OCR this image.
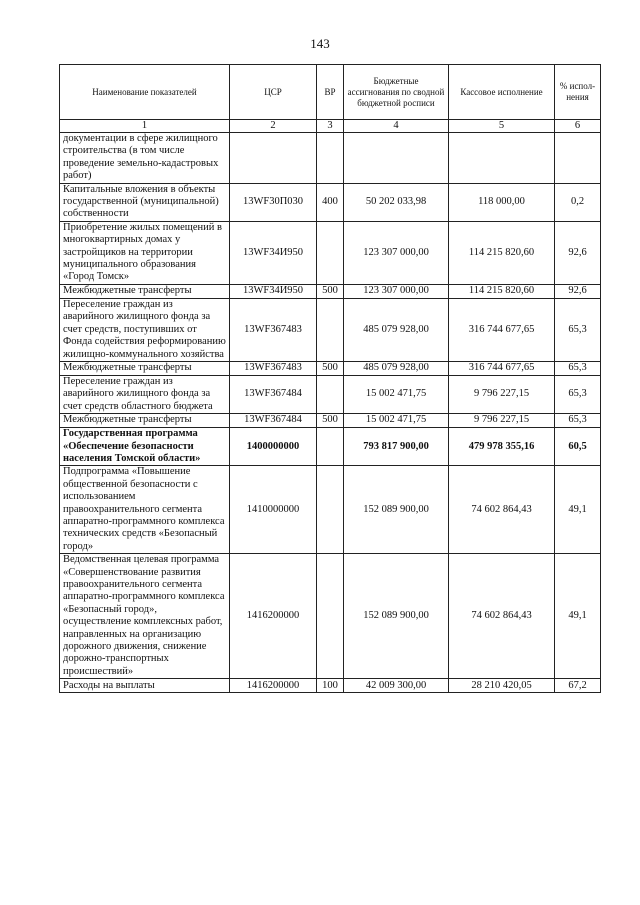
143
Наименование показателей	ЦСР	ВР	Бюджетные ассигнования по сводной бюджетной росписи	Кассовое исполнение	% испол-нения
1	2	3	4	5	6
документации в сфере жилищного строительства (в том числе проведение земельно-кадастровых работ)					
Капитальные вложения в объекты государственной (муниципальной) собственности	13WF30П030	400	50 202 033,98	118 000,00	0,2
Приобретение жилых помещений в многоквартирных домах у застройщиков на территории муниципального образования «Город Томск»	13WF34И950		123 307 000,00	114 215 820,60	92,6
Межбюджетные трансферты	13WF34И950	500	123 307 000,00	114 215 820,60	92,6
Переселение граждан из аварийного жилищного фонда за счет средств, поступивших от Фонда содействия реформированию жилищно-коммунального хозяйства	13WF367483		485 079 928,00	316 744 677,65	65,3
Межбюджетные трансферты	13WF367483	500	485 079 928,00	316 744 677,65	65,3
Переселение граждан из аварийного жилищного фонда за счет средств областного бюджета	13WF367484		15 002 471,75	9 796 227,15	65,3
Межбюджетные трансферты	13WF367484	500	15 002 471,75	9 796 227,15	65,3
Государственная программа «Обеспечение безопасности населения Томской области»	1400000000		793 817 900,00	479 978 355,16	60,5
Подпрограмма «Повышение общественной безопасности с использованием правоохранительного сегмента аппаратно-программного комплекса технических средств «Безопасный город»	1410000000		152 089 900,00	74 602 864,43	49,1
Ведомственная целевая программа «Совершенствование развития правоохранительного сегмента аппаратно-программного комплекса «Безопасный город», осуществление комплексных работ, направленных на организацию дорожного движения, снижение дорожно-транспортных происшествий»	1416200000		152 089 900,00	74 602 864,43	49,1
Расходы на выплаты	1416200000	100	42 009 300,00	28 210 420,05	67,2
